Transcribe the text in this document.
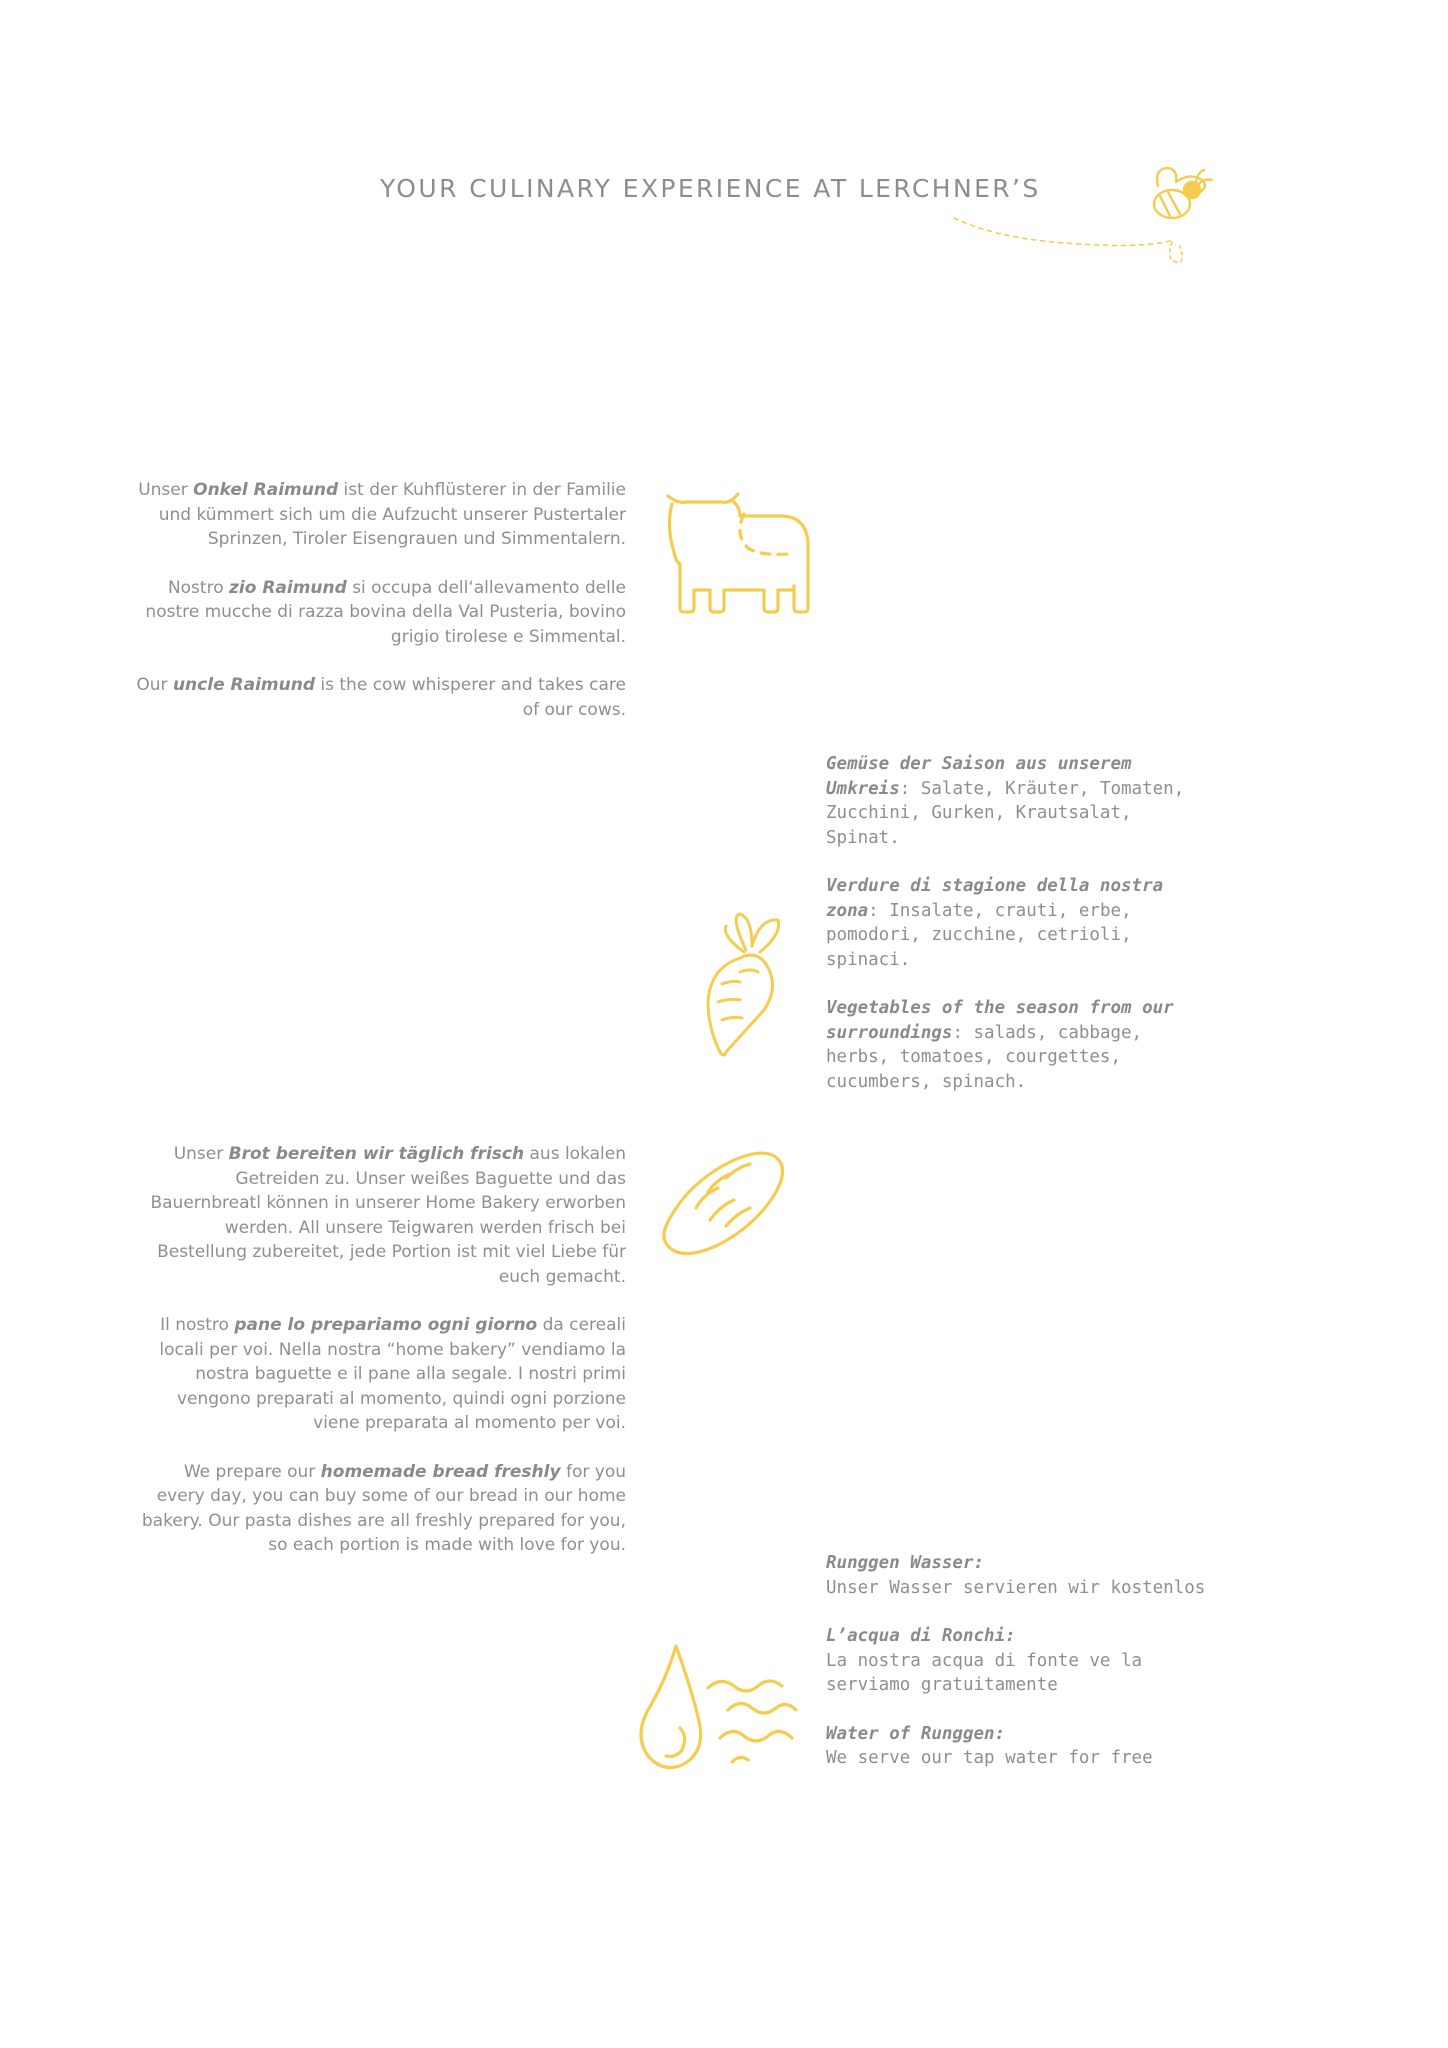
YOUR CULINARY EXPERIENCE AT LERCHNER’S

Unser Onkel Raimund ist der Kuhflüsterer in der Familie und kümmert sich um die Aufzucht unserer Pustertaler Sprinzen, Tiroler Eisengrauen und Simmentalern.

Nostro zio Raimund si occupa dell‘allevamento delle nostre mucche di razza bovina della Val Pusteria, bovino grigio tirolese e Simmental.

Our uncle Raimund is the cow whisperer and takes care of our cows.

Gemüse der Saison aus unserem Umkreis: Salate, Kräuter, Tomaten, Zucchini, Gurken, Krautsalat, Spinat.

Verdure di stagione della nostra zona: Insalate, crauti, erbe, pomodori, zucchine, cetrioli, spinaci.

Vegetables of the season from our surroundings: salads, cabbage, herbs, tomatoes, courgettes, cucumbers, spinach.

Unser Brot bereiten wir täglich frisch aus lokalen Getreiden zu. Unser weißes Baguette und das Bauernbreatl können in unserer Home Bakery erworben werden. All unsere Teigwaren werden frisch bei Bestellung zubereitet, jede Portion ist mit viel Liebe für euch gemacht.

Il nostro pane lo prepariamo ogni giorno da cereali locali per voi. Nella nostra “home bakery” vendiamo la nostra baguette e il pane alla segale. I nostri primi vengono preparati al momento, quindi ogni porzione viene preparata al momento per voi.

We prepare our homemade bread freshly for you every day, you can buy some of our bread in our home bakery. Our pasta dishes are all freshly prepared for you, so each portion is made with love for you.

Runggen Wasser:
Unser Wasser servieren wir kostenlos

L’acqua di Ronchi:
La nostra acqua di fonte ve la serviamo gratuitamente

Water of Runggen:
We serve our tap water for free
